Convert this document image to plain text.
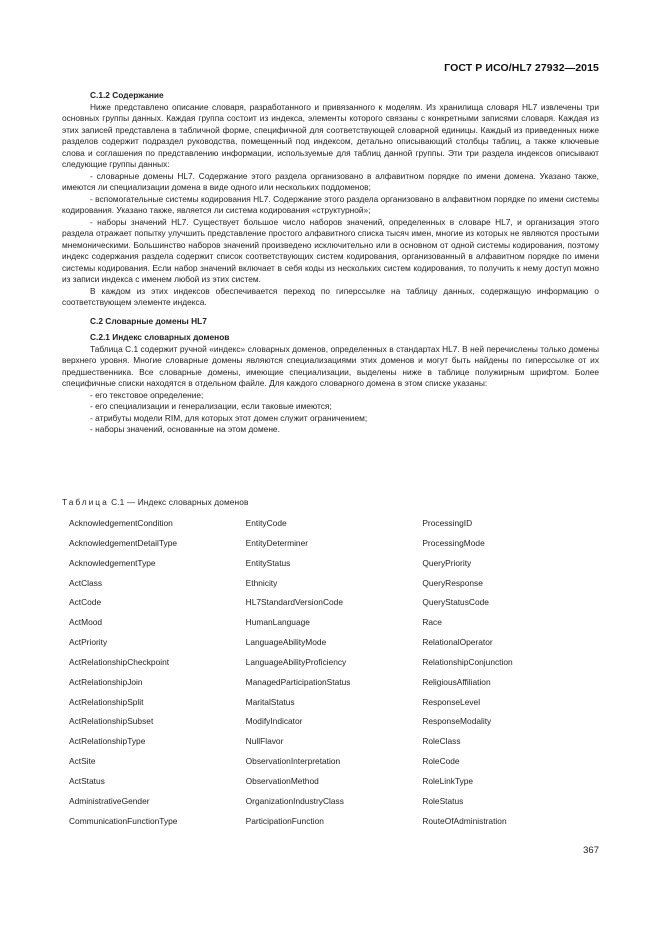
ГОСТ Р ИСО/HL7 27932—2015

С.1.2 Содержание

Ниже представлено описание словаря, разработанного и привязанного к моделям. Из хранилища словаря HL7 извлечены три основных группы данных. Каждая группа состоит из индекса, элементы которого связаны с конкретными записями словаря. Каждая из этих записей представлена в табличной форме, специфичной для соответствующей словарной единицы. Каждый из приведенных ниже разделов содержит подраздел руководства, помещенный под индексом, детально описывающий столбцы таблиц, а также ключевые слова и соглашения по представлению информации, используемые для таблиц данной группы. Эти три раздела индексов описывают следующие группы данных:

- словарные домены HL7. Содержание этого раздела организовано в алфавитном порядке по имени домена. Указано также, имеются ли специализации домена в виде одного или нескольких поддоменов;

- вспомогательные системы кодирования HL7. Содержание этого раздела организовано в алфавитном порядке по имени системы кодирования. Указано также, является ли система кодирования «структурной»;

- наборы значений HL7. Существует большое число наборов значений, определенных в словаре HL7, и организация этого раздела отражает попытку улучшить представление простого алфавитного списка тысяч имен, многие из которых не являются простыми мнемоническими. Большинство наборов значений произведено исключительно или в основном от одной системы кодирования, поэтому индекс содержания раздела содержит список соответствующих систем кодирования, организованный в алфавитном порядке по имени системы кодирования. Если набор значений включает в себя коды из нескольких систем кодирования, то получить к нему доступ можно из записи индекса с именем любой из этих систем.

В каждом из этих индексов обеспечивается переход по гиперссылке на таблицу данных, содержащую информацию о соответствующем элементе индекса.

С.2 Словарные домены HL7

С.2.1 Индекс словарных доменов

Таблица С.1 содержит ручной «индекс» словарных доменов, определенных в стандартах HL7. В ней перечислены только домены верхнего уровня. Многие словарные домены являются специализациями этих доменов и могут быть найдены по гиперссылке от их предшественника. Все словарные домены, имеющие специализации, выделены ниже в таблице полужирным шрифтом. Более специфичные списки находятся в отдельном файле. Для каждого словарного домена в этом списке указаны:

- его текстовое определение;

- его специализации и генерализации, если таковые имеются;

- атрибуты модели RIM, для которых этот домен служит ограничением;

- наборы значений, основанные на этом домене.

Таблица С.1 — Индекс словарных доменов
AcknowledgementCondition	EntityCode	ProcessingID
AcknowledgementDetailType	EntityDeterminer	ProcessingMode
AcknowledgementType	EntityStatus	QueryPriority
ActClass	Ethnicity	QueryResponse
ActCode	HL7StandardVersionCode	QueryStatusCode
ActMood	HumanLanguage	Race
ActPriority	LanguageAbilityMode	RelationalOperator
ActRelationshipCheckpoint	LanguageAbilityProficiency	RelationshipConjunction
ActRelationshipJoin	ManagedParticipationStatus	ReligiousAffiliation
ActRelationshipSplit	MaritalStatus	ResponseLevel
ActRelationshipSubset	ModifyIndicator	ResponseModality
ActRelationshipType	NullFlavor	RoleClass
ActSite	ObservationInterpretation	RoleCode
ActStatus	ObservationMethod	RoleLinkType
AdministrativeGender	OrganizationIndustryClass	RoleStatus
CommunicationFunctionType	ParticipationFunction	RouteOfAdministration
367
